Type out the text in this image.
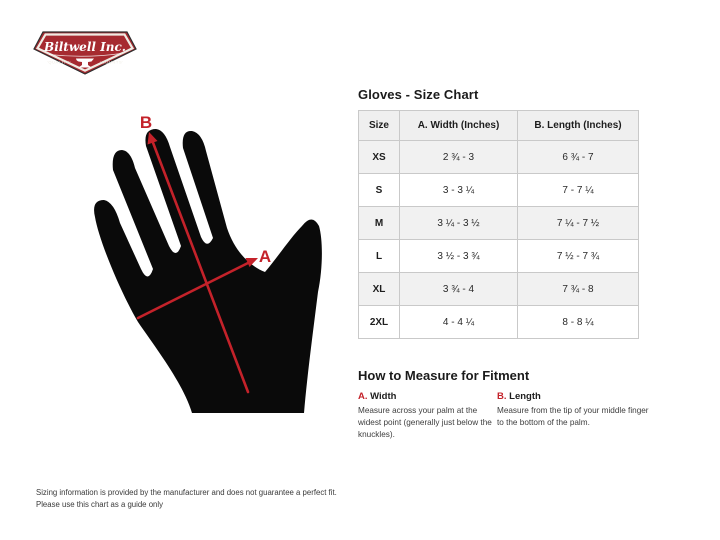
Biltwell Inc.
'QUALITY'	'COUNTS'
B
A
Gloves - Size Chart
Size	A. Width (Inches)	B. Length (Inches)
XS	2 ¾ - 3	6 ¾ - 7
S	3 - 3 ¼	7 - 7 ¼
M	3 ¼ - 3 ½	7 ¼ - 7 ½
L	3 ½ - 3 ¾	7 ½ - 7 ¾
XL	3 ¾ - 4	7 ¾ - 8
2XL	4 - 4 ¼	8 - 8 ¼
How to Measure for Fitment
A. Width
Measure across your palm at the widest point (generally just below the knuckles).
B. Length
Measure from the tip of your middle finger to the bottom of the palm.
Sizing information is provided by the manufacturer and does not guarantee a perfect fit.
Please use this chart as a guide only
